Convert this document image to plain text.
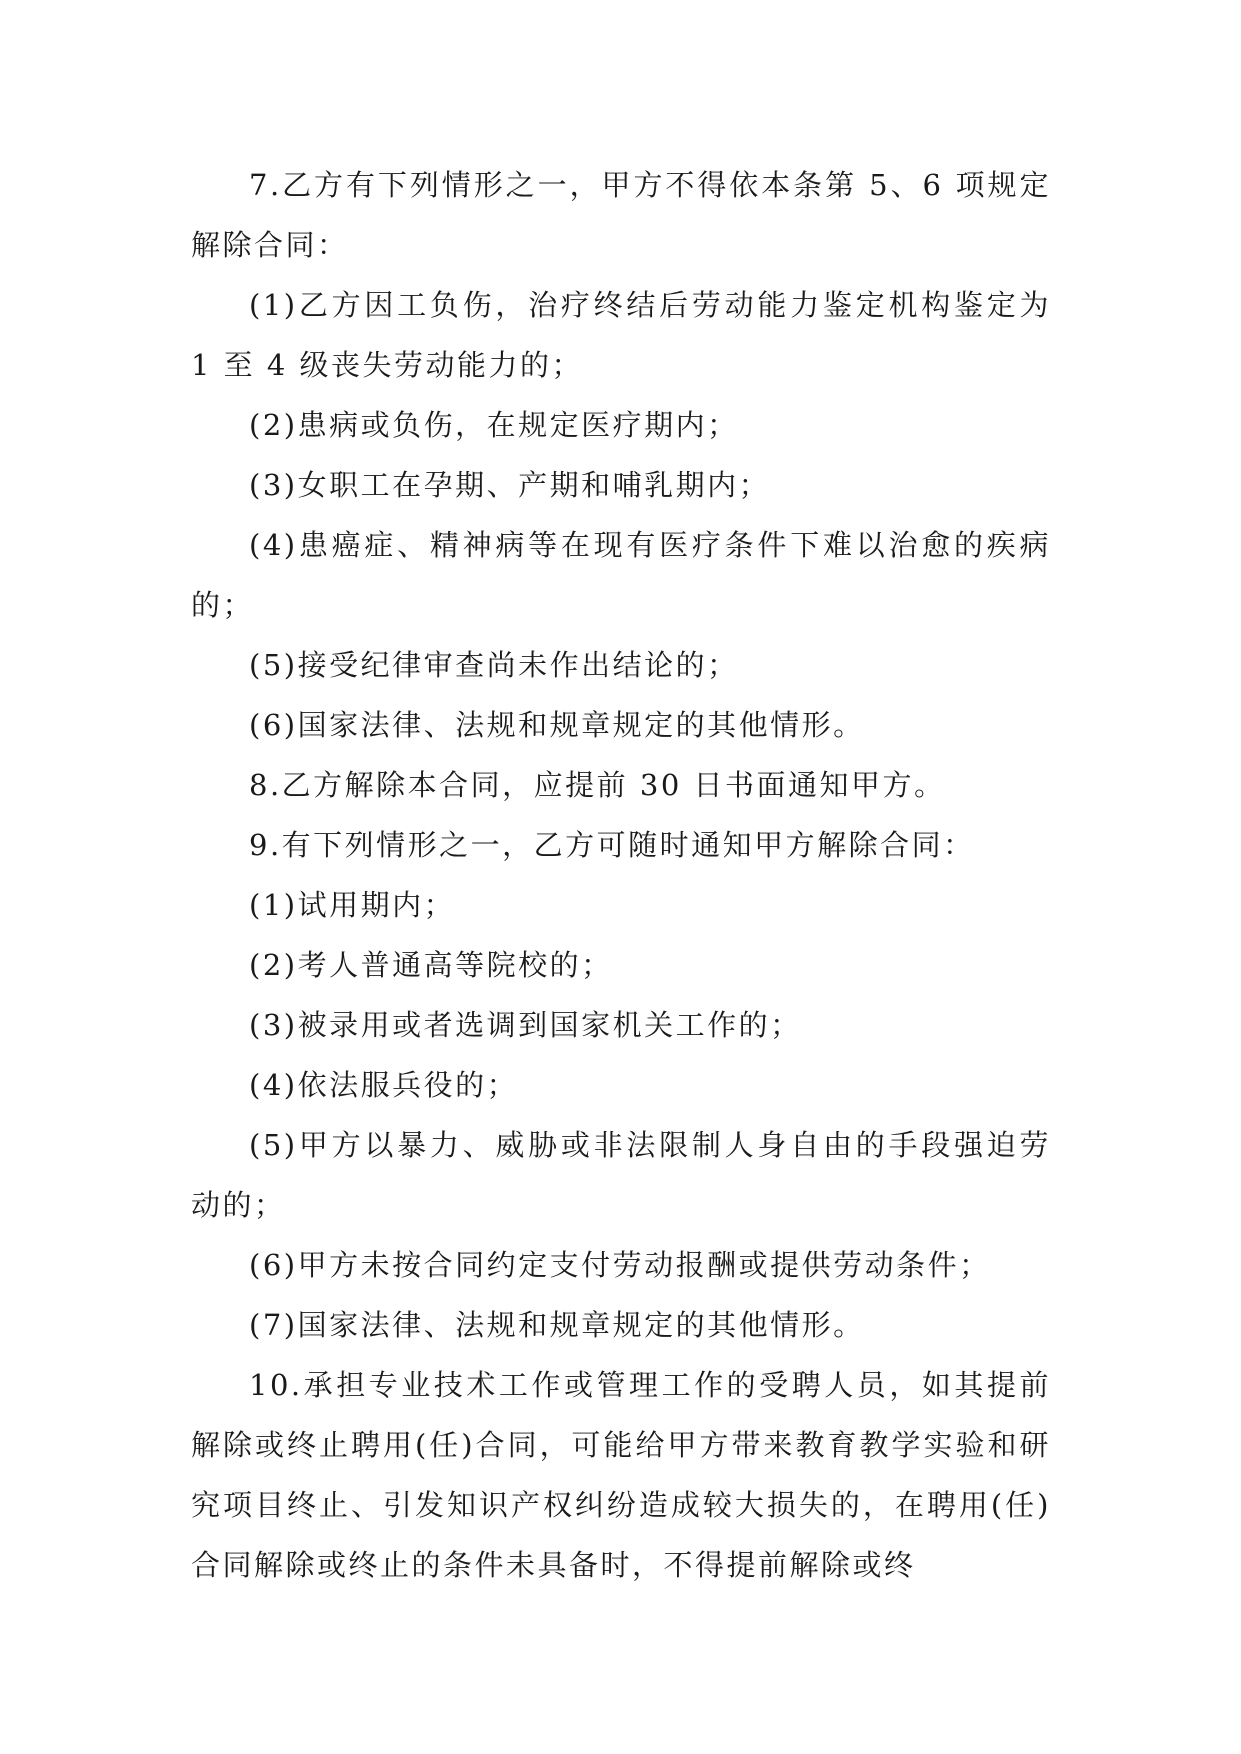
7.乙方有下列情形之一，甲方不得依本条第 5、6 项规定解除合同：

(1)乙方因工负伤，治疗终结后劳动能力鉴定机构鉴定为 1 至 4 级丧失劳动能力的；

(2)患病或负伤，在规定医疗期内；

(3)女职工在孕期、产期和哺乳期内；

(4)患癌症、精神病等在现有医疗条件下难以治愈的疾病的；

(5)接受纪律审查尚未作出结论的；

(6)国家法律、法规和规章规定的其他情形。

8.乙方解除本合同，应提前 30 日书面通知甲方。

9.有下列情形之一，乙方可随时通知甲方解除合同：

(1)试用期内；

(2)考人普通高等院校的；

(3)被录用或者选调到国家机关工作的；

(4)依法服兵役的；

(5)甲方以暴力、威胁或非法限制人身自由的手段强迫劳动的；

(6)甲方未按合同约定支付劳动报酬或提供劳动条件；

(7)国家法律、法规和规章规定的其他情形。

10.承担专业技术工作或管理工作的受聘人员，如其提前解除或终止聘用(任)合同，可能给甲方带来教育教学实验和研究项目终止、引发知识产权纠纷造成较大损失的，在聘用(任)合同解除或终止的条件未具备时，不得提前解除或终
